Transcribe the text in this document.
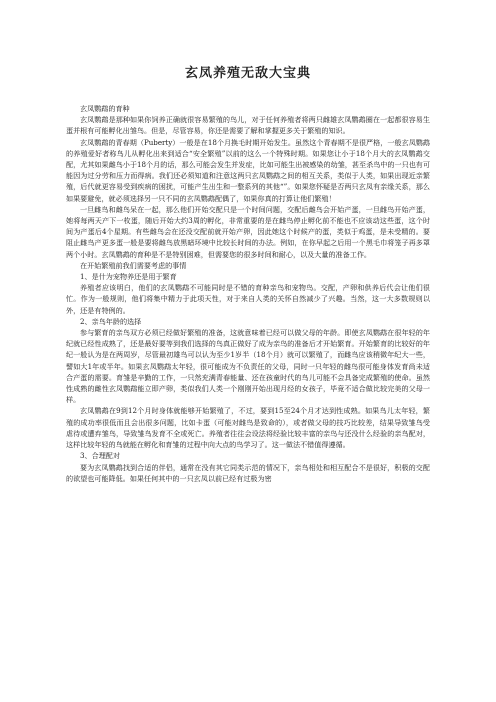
玄凤养殖无敌大宝典

玄凤鹦鹉的育种

玄凤鹦鹉是那种如果你饲养正确就很容易繁殖的鸟儿，对于任何养殖者将两只雌雄玄凤鹦鹉圈在一起都很容易生蛋并根有可能孵化出雏鸟。但是，尽管容易，你还是需要了解和掌握更多关于繁殖的知识。

玄凤鹦鹉的青春期（Puberty）一般是在18个月换毛时期开始发生。虽然这个青春期不是很严格，一般玄凤鹦鹉的养殖爱好者称鸟儿从孵化出来到适合“安全繁殖”以前的这么一个特殊时期。如果您让小于18个月大的玄凤鹦鹉交配，尤其如果雌鸟小于18个月的话，那么可能会发生并发症，比如可能生出被感染的幼雏，甚至杀鸟中的一只也有可能因为过分劳和压力而得病。我们还必须知道和注意这两只玄凤鹦鹉之间的相互关系，类似于人类，如果出现近亲繁殖，后代就更容易受到疾病的困扰，可能产生出生和一整系列的其他“”。如果您怀疑是否两只玄凤有亲缘关系，那么如果要避免，就必须选择另一只不同的玄凤鹦鹉配偶了，如果你真的打算让他们繁殖！

一旦雌鸟和雌鸟呆在一起，那么他们开始交配只是一个时间问题，交配后雌鸟会开始产蛋，一旦雌鸟开始产蛋，她将每两天产下一枚蛋，随后开始大约3周的孵化，非常重要的是在雌鸟停止孵化前不能也不应该动这些蛋，这个时间为产蛋后4个星期。有些雌鸟会在还没交配前就开始产卵，因此她这个时候产的蛋，类似于鸡蛋，是未受精的。要阻止雌鸟产更多蛋一般是要将雌鸟放黑暗环境中比较长时间的办法。例如，在你早起之后用一个黑毛巾将笼子再多罩两个小时。玄凤鹦鹉的育种是不是特别困难，但需要您的很多时间和耐心，以及大量的准备工作。

在开始繁殖前我们需要考虑的事情

1、是什为宠物养还是用于繁育

养殖者应该明白，他们的玄凤鹦鹉不可能同时是不错的育种亲鸟和宠物鸟。交配，产卵和供养后代会让他们很忙。作为一般规则，他们将集中精力于此项天性，对于来自人类的关怀自然减少了兴趣。当然，这一大多数规则以外，还是有特例的。

2、亲鸟年龄的选择

参与繁育的亲鸟双方必须已经做好繁殖的准备，这就意味着已经可以做父母的年龄。即使玄凤鹦鹉在很年轻的年纪就已经性成熟了，还是最好要等到我们选择的鸟真正做好了成为亲鸟的准备后才开始繁育。开始繁育的比较好的年纪一般认为是在两周岁，尽管最初雄鸟可以认为至少1岁半（18个月）就可以繁殖了，而雌鸟应该稍微年纪大一些，譬如大1年或半年。如果玄凤鹦鹉太年轻，很可能成为不负责任的父母，同时一只年轻的雌鸟很可能身体发育尚未适合产蛋的需要。育雏是辛勤的工作，一只然充满青春能量、还在孩童时代的鸟儿可能不会具备完成繁殖的使命。虽然性成熟的雌性玄凤鹦鹉能立即产卵，类似我们人类一个刚刚开始出现月经的女孩子，毕竟不适合做比较完美的父母一样。

玄凤鹦鹉在9到12个月时身体就能够开始繁殖了，不过，要到15至24个月才达到性成熟。如果鸟儿太年轻，繁殖的成功率很低而且会出很多问题，比如卡蛋（可能对雌鸟是致命的），或者做父母的技巧比较差，结果导致雏鸟受虐待或遭弃雏鸟，导致雏鸟发育不全或死亡。养殖者往往会设法将经验比较丰富的亲鸟与还没什么经验的亲鸟配对，这样比较年轻的鸟就能在孵化和育雏的过程中向大点的鸟学习了。这一做法不错值得遵循。

3、合理配对

要为玄凤鹦鹉找到合适的伴侣，通常在没有其它同类示范的情况下，亲鸟相处和相互配合不是很好，积极的交配的欲望也可能降低。如果任何其中的一只玄凤以前已经有过极为密
